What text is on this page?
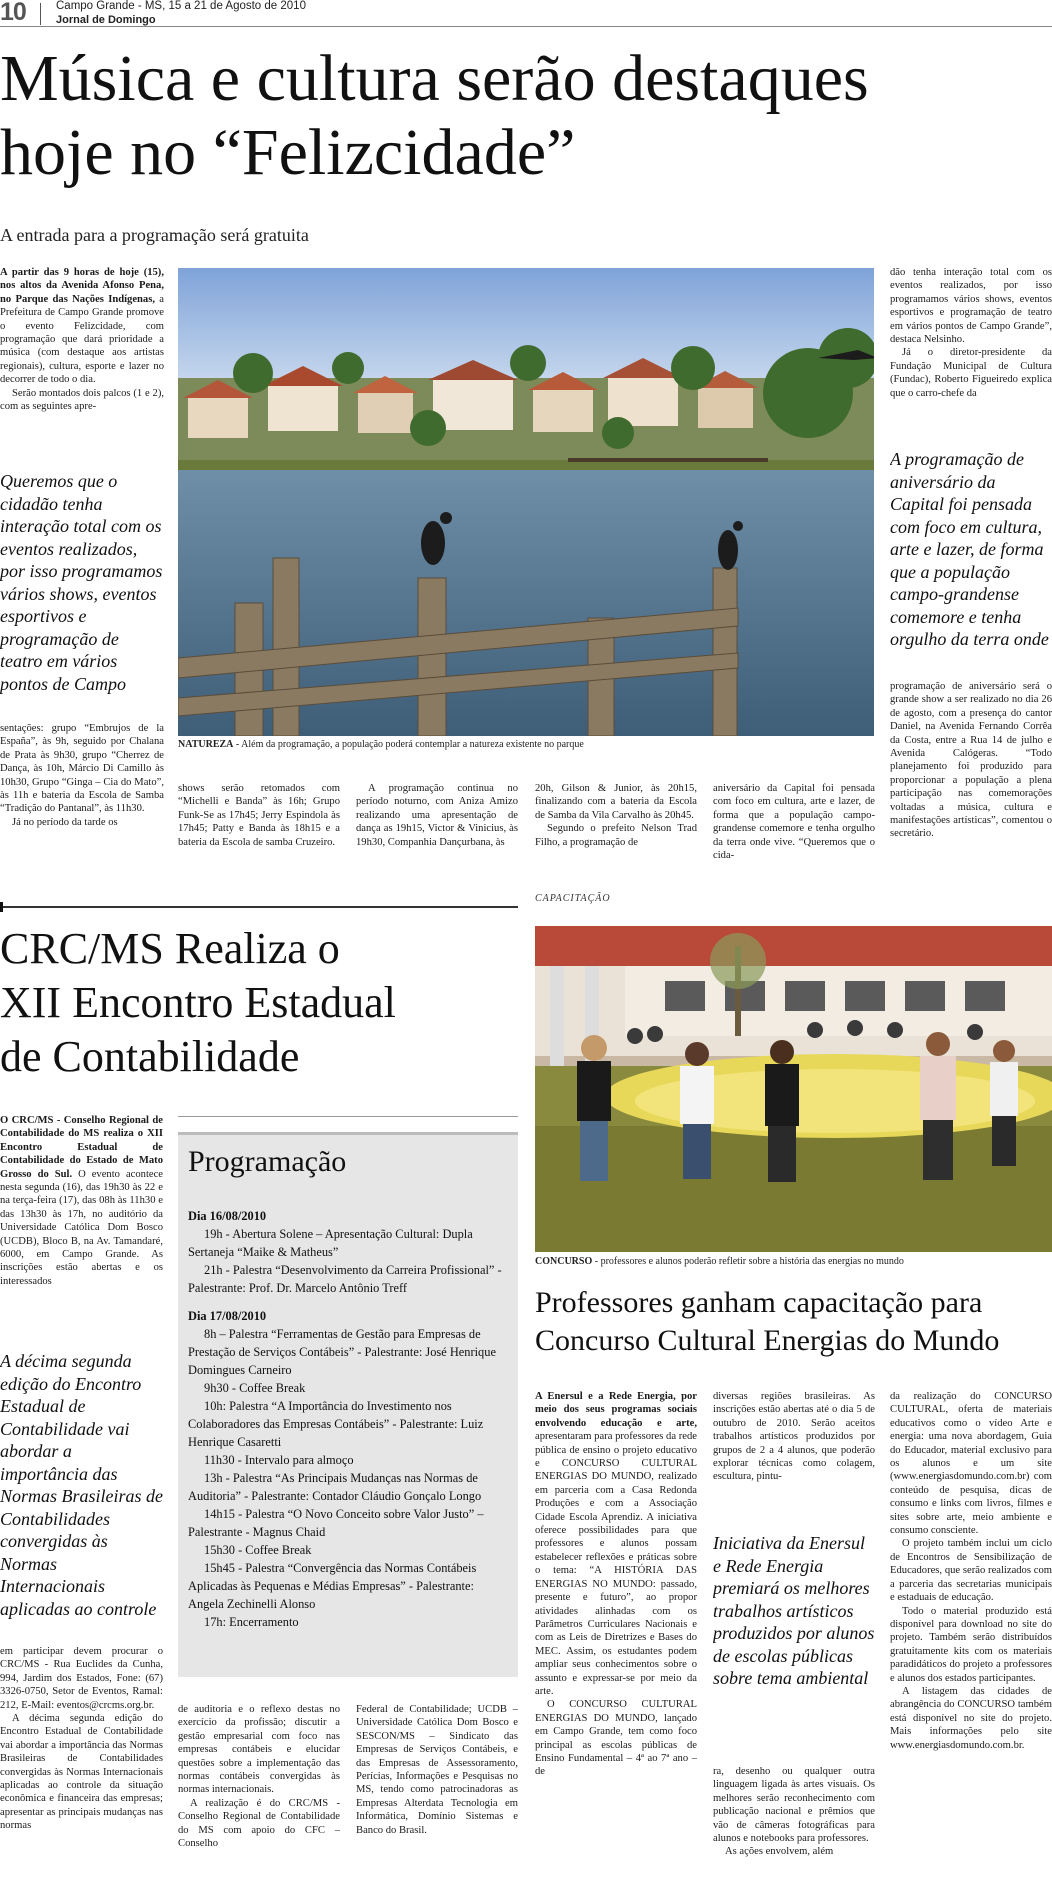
10	Campo Grande - MS, 15 a 21 de Agosto de 2010
Jornal de Domingo
Música e cultura serão destaques
hoje no “Felizcidade”
A entrada para a programação será gratuita

A partir das 9 horas de hoje (15), nos altos da Avenida Afonso Pena, no Parque das Nações Indígenas, a Prefeitura de Campo Grande promove o evento Felizcidade, com programação que dará prioridade a música (com destaque aos artistas regionais), cultura, esporte e lazer no decorrer de todo o dia.

Serão montados dois palcos (1 e 2), com as seguintes apre-

Queremos que o cidadão tenha interação total com os eventos realizados, por isso programamos vários shows, eventos esportivos e programação de teatro em vários pontos de Campo

sentações: grupo “Embrujos de la España”, às 9h, seguido por Chalana de Prata às 9h30, grupo “Cherrez de Dança, às 10h, Márcio Di Camillo às 10h30, Grupo “Ginga – Cia do Mato”, às 11h e bateria da Escola de Samba “Tradição do Pantanal”, às 11h30.

Já no período da tarde os

NATUREZA - Além da programação, a população poderá contemplar a natureza existente no parque
shows serão retomados com “Michelli e Banda” às 16h; Grupo Funk-Se as 17h45; Jerry Espindola às 17h45; Patty e Banda às 18h15 e a bateria da Escola de samba Cruzeiro.
A programação continua no período noturno, com Aniza Amizo realizando uma apresentação de dança as 19h15, Victor & Vinicius, às 19h30, Companhia Dançurbana, às

20h, Gilson & Junior, às 20h15, finalizando com a bateria da Escola de Samba da Vila Carvalho às 20h45.

Segundo o prefeito Nelson Trad Filho, a programação de

aniversário da Capital foi pensada com foco em cultura, arte e lazer, de forma que a população campo-grandense comemore e tenha orgulho da terra onde vive. “Queremos que o cida-

dão tenha interação total com os eventos realizados, por isso programamos vários shows, eventos esportivos e programação de teatro em vários pontos de Campo Grande”, destaca Nelsinho.

Já o diretor-presidente da Fundação Municipal de Cultura (Fundac), Roberto Figueiredo explica que o carro-chefe da

A programação de aniversário da Capital foi pensada com foco em cultura, arte e lazer, de forma que a população campo-grandense comemore e tenha orgulho da terra onde
programação de aniversário será o grande show a ser realizado no dia 26 de agosto, com a presença do cantor Daniel, na Avenida Fernando Corrêa da Costa, entre a Rua 14 de julho e Avenida Calógeras. “Todo planejamento foi produzido para proporcionar a população a plena participação nas comemorações voltadas a música, cultura e manifestações artísticas”, comentou o secretário.
CRC/MS Realiza o
XII Encontro Estadual
de Contabilidade

O CRC/MS - Conselho Regional de Contabilidade do MS realiza o XII Encontro Estadual de Contabilidade do Estado de Mato Grosso do Sul. O evento acontece nesta segunda (16), das 19h30 às 22 e na terça-feira (17), das 08h às 11h30 e das 13h30 às 17h, no auditório da Universidade Católica Dom Bosco (UCDB), Bloco B, na Av. Tamandaré, 6000, em Campo Grande. As inscrições estão abertas e os interessados

A décima segunda edição do Encontro Estadual de Contabilidade vai abordar a importância das Normas Brasileiras de Contabilidades convergidas às Normas Internacionais aplicadas ao controle

em participar devem procurar o CRC/MS - Rua Euclides da Cunha, 994, Jardim dos Estados, Fone: (67) 3326-0750, Setor de Eventos, Ramal: 212, E-Mail: eventos@crcms.org.br.

A décima segunda edição do Encontro Estadual de Contabilidade vai abordar a importância das Normas Brasileiras de Contabilidades convergidas às Normas Internacionais aplicadas ao controle da situação econômica e financeira das empresas; apresentar as principais mudanças nas normas

Programação
Dia 16/08/2010
19h - Abertura Solene – Apresentação Cultural: Dupla Sertaneja “Maike & Matheus”
21h - Palestra “Desenvolvimento da Carreira Profissional” - Palestrante: Prof. Dr. Marcelo Antônio Treff
Dia 17/08/2010
8h – Palestra “Ferramentas de Gestão para Empresas de Prestação de Serviços Contábeis” - Palestrante: José Henrique Domingues Carneiro
9h30 - Coffee Break
10h: Palestra “A Importância do Investimento nos Colaboradores das Empresas Contábeis” - Palestrante: Luiz Henrique Casaretti
11h30 - Intervalo para almoço
13h - Palestra “As Principais Mudanças nas Normas de Auditoria” - Palestrante: Contador Cláudio Gonçalo Longo
14h15 - Palestra “O Novo Conceito sobre Valor Justo” – Palestrante - Magnus Chaid
15h30 - Coffee Break
15h45 - Palestra “Convergência das Normas Contábeis Aplicadas às Pequenas e Médias Empresas” - Palestrante: Angela Zechinelli Alonso
17h: Encerramento

de auditoria e o reflexo destas no exercício da profissão; discutir a gestão empresarial com foco nas empresas contábeis e elucidar questões sobre a implementação das normas contábeis convergidas às normas internacionais.

A realização é do CRC/MS - Conselho Regional de Contabilidade do MS com apoio do CFC – Conselho

Federal de Contabilidade; UCDB – Universidade Católica Dom Bosco e SESCON/MS – Sindicato das Empresas de Serviços Contábeis, e das Empresas de Assessoramento, Perícias, Informações e Pesquisas no MS, tendo como patrocinadoras as Empresas Alterdata Tecnologia em Informática, Domínio Sistemas e Banco do Brasil.
CAPACITAÇÃO
CONCURSO - professores e alunos poderão refletir sobre a história das energias no mundo
Professores ganham capacitação para
Concurso Cultural Energias do Mundo

A Enersul e a Rede Energia, por meio dos seus programas sociais envolvendo educação e arte, apresentaram para professores da rede pública de ensino o projeto educativo e CONCURSO CULTURAL ENERGIAS DO MUNDO, realizado em parceria com a Casa Redonda Produções e com a Associação Cidade Escola Aprendiz. A iniciativa oferece possibilidades para que professores e alunos possam estabelecer reflexões e práticas sobre o tema: “A HISTÓRIA DAS ENERGIAS NO MUNDO: passado, presente e futuro”, ao propor atividades alinhadas com os Parâmetros Curriculares Nacionais e com as Leis de Diretrizes e Bases do MEC. Assim, os estudantes podem ampliar seus conhecimentos sobre o assunto e expressar-se por meio da arte.

O CONCURSO CULTURAL ENERGIAS DO MUNDO, lançado em Campo Grande, tem como foco principal as escolas públicas de Ensino Fundamental – 4ª ao 7ª ano – de

diversas regiões brasileiras. As inscrições estão abertas até o dia 5 de outubro de 2010. Serão aceitos trabalhos artísticos produzidos por grupos de 2 a 4 alunos, que poderão explorar técnicas como colagem, escultura, pintu-
Iniciativa da Enersul e Rede Energia premiará os melhores trabalhos artísticos produzidos por alunos de escolas públicas sobre tema ambiental

ra, desenho ou qualquer outra linguagem ligada às artes visuais. Os melhores serão reconhecimento com publicação nacional e prêmios que vão de câmeras fotográficas para alunos e notebooks para professores.

As ações envolvem, além

da realização do CONCURSO CULTURAL, oferta de materiais educativos como o vídeo Arte e energia: uma nova abordagem, Guia do Educador, material exclusivo para os alunos e um site (www.energiasdomundo.com.br) com conteúdo de pesquisa, dicas de consumo e links com livros, filmes e sites sobre arte, meio ambiente e consumo consciente.

O projeto também inclui um ciclo de Encontros de Sensibilização de Educadores, que serão realizados com a parceria das secretarias municipais e estaduais de educação.

Todo o material produzido está disponível para download no site do projeto. Também serão distribuídos gratuitamente kits com os materiais paradidáticos do projeto a professores e alunos dos estados participantes.

A listagem das cidades de abrangência do CONCURSO também está disponível no site do projeto. Mais informações pelo site www.energiasdomundo.com.br.
